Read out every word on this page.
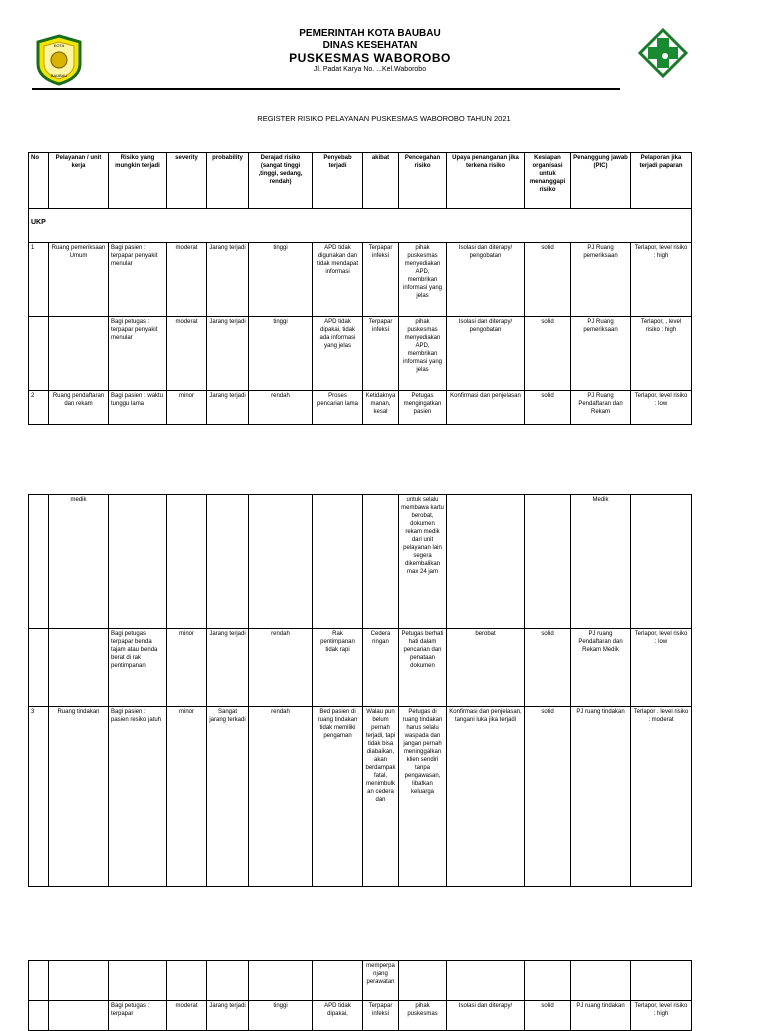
KOTA
BAUBAU
PEMERINTAH KOTA BAUBAU
DINAS KESEHATAN
PUSKESMAS WABOROBO
Jl. Padat Karya No. ...Kel.Waborobo
REGISTER RISIKO PELAYANAN PUSKESMAS WABOROBO TAHUN 2021
No	Pelayanan / unit kerja	Risiko yang mungkin terjadi	severity	probability	Derajad risiko (sangat tinggi ,tinggi, sedang, rendah)	Penyebab terjadi	akibat	Pencegahan risiko	Upaya penanganan jika terkena risiko	Kesiapan organisasi untuk menanggapi risiko	Penanggung jawab (PIC)	Pelaporan jika terjadi paparan
UKP												
1	Ruang pemeriksaan Umum	Bagi pasien : terpapar penyakit menular	moderat	Jarang terjadi	tinggi	APD tidak digunakan dan tidak mendapat informasi	Terpapar infeksi	pihak puskesmas menyediakan APD, membrikan informasi yang jelas	Isolasi dan diterapy/ pengobatan	solid	PJ Ruang pemeriksaan	Terlapor, level risiko : high
		Bagi petugas : terpapar penyakit menular	moderat	Jarang terjadi	tinggi	APD tidak dipakai, tidak ada informasi yang jelas	Terpapar infeksi	pihak puskesmas menyediakan APD, membrikan informasi yang jelas	Isolasi dan diterapy/ pengobatan	solid	PJ Ruang pemeriksaan	Terlapor, , level risiko : high
2	Ruang pendaftaran dan rekam	Bagi pasien : waktu tunggu lama	minor	Jarang terjadi	rendah	Proses pencarian lama	Ketidaknyamanan, kesal	Petugas mengingatkan pasien	Konfirmasi dan penjelasan	solid	PJ Ruang Pendaftaran dan Rekam	Terlapor, level risiko : low
	medik							untuk selalu membawa kartu berobat, dokumen rekam medik dari unit pelayanan lain segera dikembalikan max 24 jam			Medik	
		Bagi petugas terpapar benda tajam atau benda berat di rak pentimpanan	minor	Jarang terjadi	rendah	Rak pentimpanan tidak rapi	Cedera ringan	Petugas berhati hati dalam pencarian dan penataan dokumen	berobat	solid	PJ ruang Pendaftaran dan Rekam Medik	Terlapor, level risiko : low
3	Ruang tindakan	Bagi pasien : pasien resiko jatuh	minor	Sangat jarang terkadi	rendah	Bed pasien di ruang tindakan tidak memiliki pengaman	Walau pun belum pernah terjadi, tapi tidak bisa diabaikan, akan berdampak fatal, menimbulkan cedera dan	Petugas di ruang tindakan harus selalu waspada dan jangan pernah meninggalkan klien sendiri tanpa pengawasan, libatkan keluarga	Konfirmasi dan penjelasan, tangani luka jika terjadi	solid	PJ ruang tindakan	Terlapor . level risiko : moderat
							memperpanjang perawatan					
		Bagi petugas : terpapar	moderat	Jarang terjadi	tinggi	APD tidak dipakai,	Terpapar infeksi	pihak puskesmas	Isolasi dan diterapy/	solid	PJ ruang tindakan	Terlapor, level risiko : high
